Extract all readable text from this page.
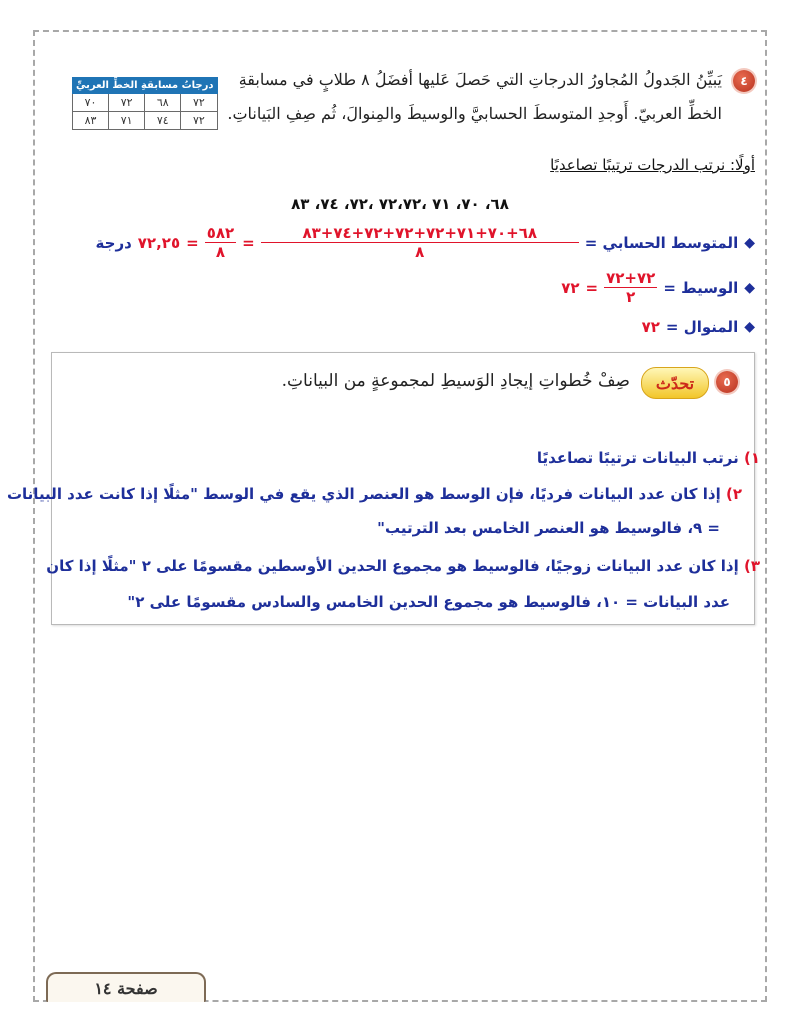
٤
يَبيِّنُ الجَدولُ المُجاورُ الدرجاتِ التي حَصلَ عَليها أفضَلُ ٨ طلابٍ في مسابقةِ
الخطِّ العربيّ. أَوجدِ المتوسطَ الحسابيَّ والوسيطَ والمِنوالَ، ثُم صِفِ البَياناتِ.
درجاتُ مسابقةِ الخطِّ العربيِّ			
٧٠	٧٢	٦٨	٧٢
٨٣	٧١	٧٤	٧٢
أولًا: نرتب الدرجات ترتيبًا تصاعديًا
٦٨، ٧٠، ٧١ ،٧٢،٧٢ ،٧٢، ٧٤، ٨٣
◆
المتوسط الحسابي =
$\frac{٦٨+٧٠+٧١+٧٢+٧٢+٧٢+٧٤+٨٣}{٨}$
=
$\frac{٥٨٢}{٨}$
=
٧٢,٢٥
درجة
◆
الوسيط =
$\frac{٧٢+٧٢}{٢}$
=
٧٢
◆
المنوال =
٧٢
٥
تحدّث
صِفْ خُطواتِ إيجادِ الوَسيطِ لمجموعةٍ من البياناتِ.
١) نرتب البيانات ترتيبًا تصاعديًا
٢) إذا كان عدد البيانات فرديًا، فإن الوسط هو العنصر الذي يقع في الوسط "مثلًا إذا كانت عدد البيانات
= ٩، فالوسيط هو العنصر الخامس بعد الترتيب"
٣) إذا كان عدد البيانات زوجيًا، فالوسيط هو مجموع الحدين الأوسطين مقسومًا على ٢ "مثلًا إذا كان
عدد البيانات = ١٠، فالوسيط هو مجموع الحدين الخامس والسادس مقسومًا على ٢"
صفحة ١٤
